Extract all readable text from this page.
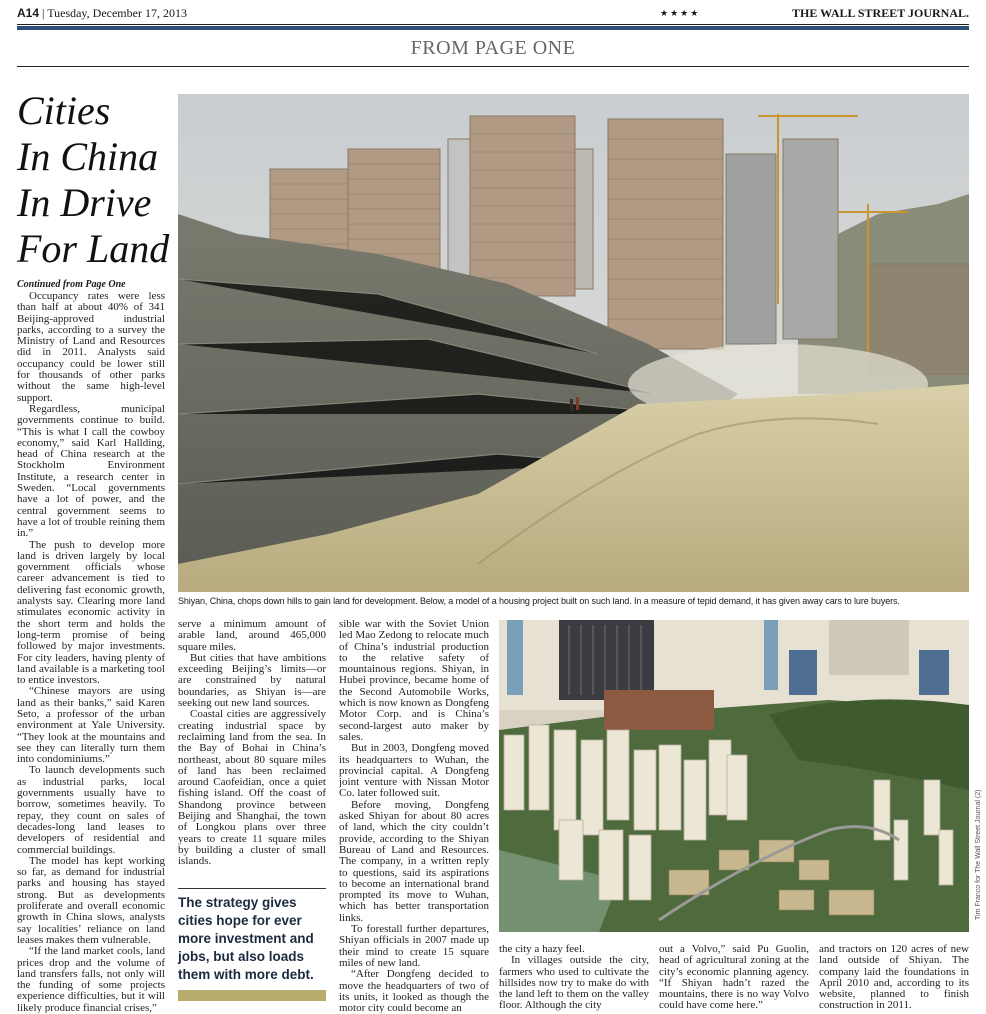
A14 | Tuesday, December 17, 2013	★★★★	THE WALL STREET JOURNAL.
FROM PAGE ONE
Cities
In China
In Drive
For Land
Continued from Page One

Occupancy rates were less than half at about 40% of 341 Beijing-approved industrial parks, according to a survey the Ministry of Land and Resources did in 2011. Analysts said occupancy could be lower still for thousands of other parks without the same high-level support.

Regardless, municipal governments continue to build. “This is what I call the cowboy economy,” said Karl Hallding, head of China research at the Stockholm Environment Institute, a research center in Sweden. “Local governments have a lot of power, and the central government seems to have a lot of trouble reining them in.”

The push to develop more land is driven largely by local government officials whose career advancement is tied to delivering fast economic growth, analysts say. Clearing more land stimulates economic activity in the short term and holds the long-term promise of being followed by major investments. For city leaders, having plenty of land available is a marketing tool to entice investors.

“Chinese mayors are using land as their banks,” said Karen Seto, a professor of the urban environment at Yale University. “They look at the mountains and see they can literally turn them into condominiums.”

To launch developments such as industrial parks, local governments usually have to borrow, sometimes heavily. To repay, they count on sales of decades-long land leases to developers of residential and commercial buildings.

The model has kept working so far, as demand for industrial parks and housing has stayed strong. But as developments proliferate and overall economic growth in China slows, analysts say localities’ reliance on land leases makes them vulnerable.

“If the land market cools, land prices drop and the volume of land transfers falls, not only will the funding of some projects experience difficulties, but it will likely produce financial crises,”

serve a minimum amount of arable land, around 465,000 square miles.

But cities that have ambitions exceeding Beijing’s limits—or are constrained by natural boundaries, as Shiyan is—are seeking out new land sources.

Coastal cities are aggressively creating industrial space by reclaiming land from the sea. In the Bay of Bohai in China’s northeast, about 80 square miles of land has been reclaimed around Caofeidian, once a quiet fishing island. Off the coast of Shandong province between Beijing and Shanghai, the town of Longkou plans over three years to create 11 square miles by building a cluster of small islands.

sible war with the Soviet Union led Mao Zedong to relocate much of China’s industrial production to the relative safety of mountainous regions. Shiyan, in Hubei province, became home of the Second Automobile Works, which is now known as Dongfeng Motor Corp. and is China’s second-largest auto maker by sales.

But in 2003, Dongfeng moved its headquarters to Wuhan, the provincial capital. A Dongfeng joint venture with Nissan Motor Co. later followed suit.

Before moving, Dongfeng asked Shiyan for about 80 acres of land, which the city couldn’t provide, according to the Shiyan Bureau of Land and Resources. The company, in a written reply to questions, said its aspirations to become an international brand prompted its move to Wuhan, which has better transportation links.

To forestall further departures, Shiyan officials in 2007 made up their mind to create 15 square miles of new land.

“After Dongfeng decided to move the headquarters of two of its units, it looked as though the motor city could become an

the city a hazy feel.

In villages outside the city, farmers who used to cultivate the hillsides now try to make do with the land left to them on the valley floor. Although the city

out a Volvo,” said Pu Guolin, head of agricultural zoning at the city’s economic planning agency. “If Shiyan hadn’t razed the mountains, there is no way Volvo could have come here.”

and tractors on 120 acres of new land outside of Shiyan. The company laid the foundations in April 2010 and, according to its website, planned to finish construction in 2011.

The strategy gives cities hope for ever more investment and jobs, but also loads them with more debt.
Shiyan, China, chops down hills to gain land for development. Below, a model of a housing project built on such land. In a measure of tepid demand, it has given away cars to lure buyers.
Tim Franco for The Wall Street Journal (2)
